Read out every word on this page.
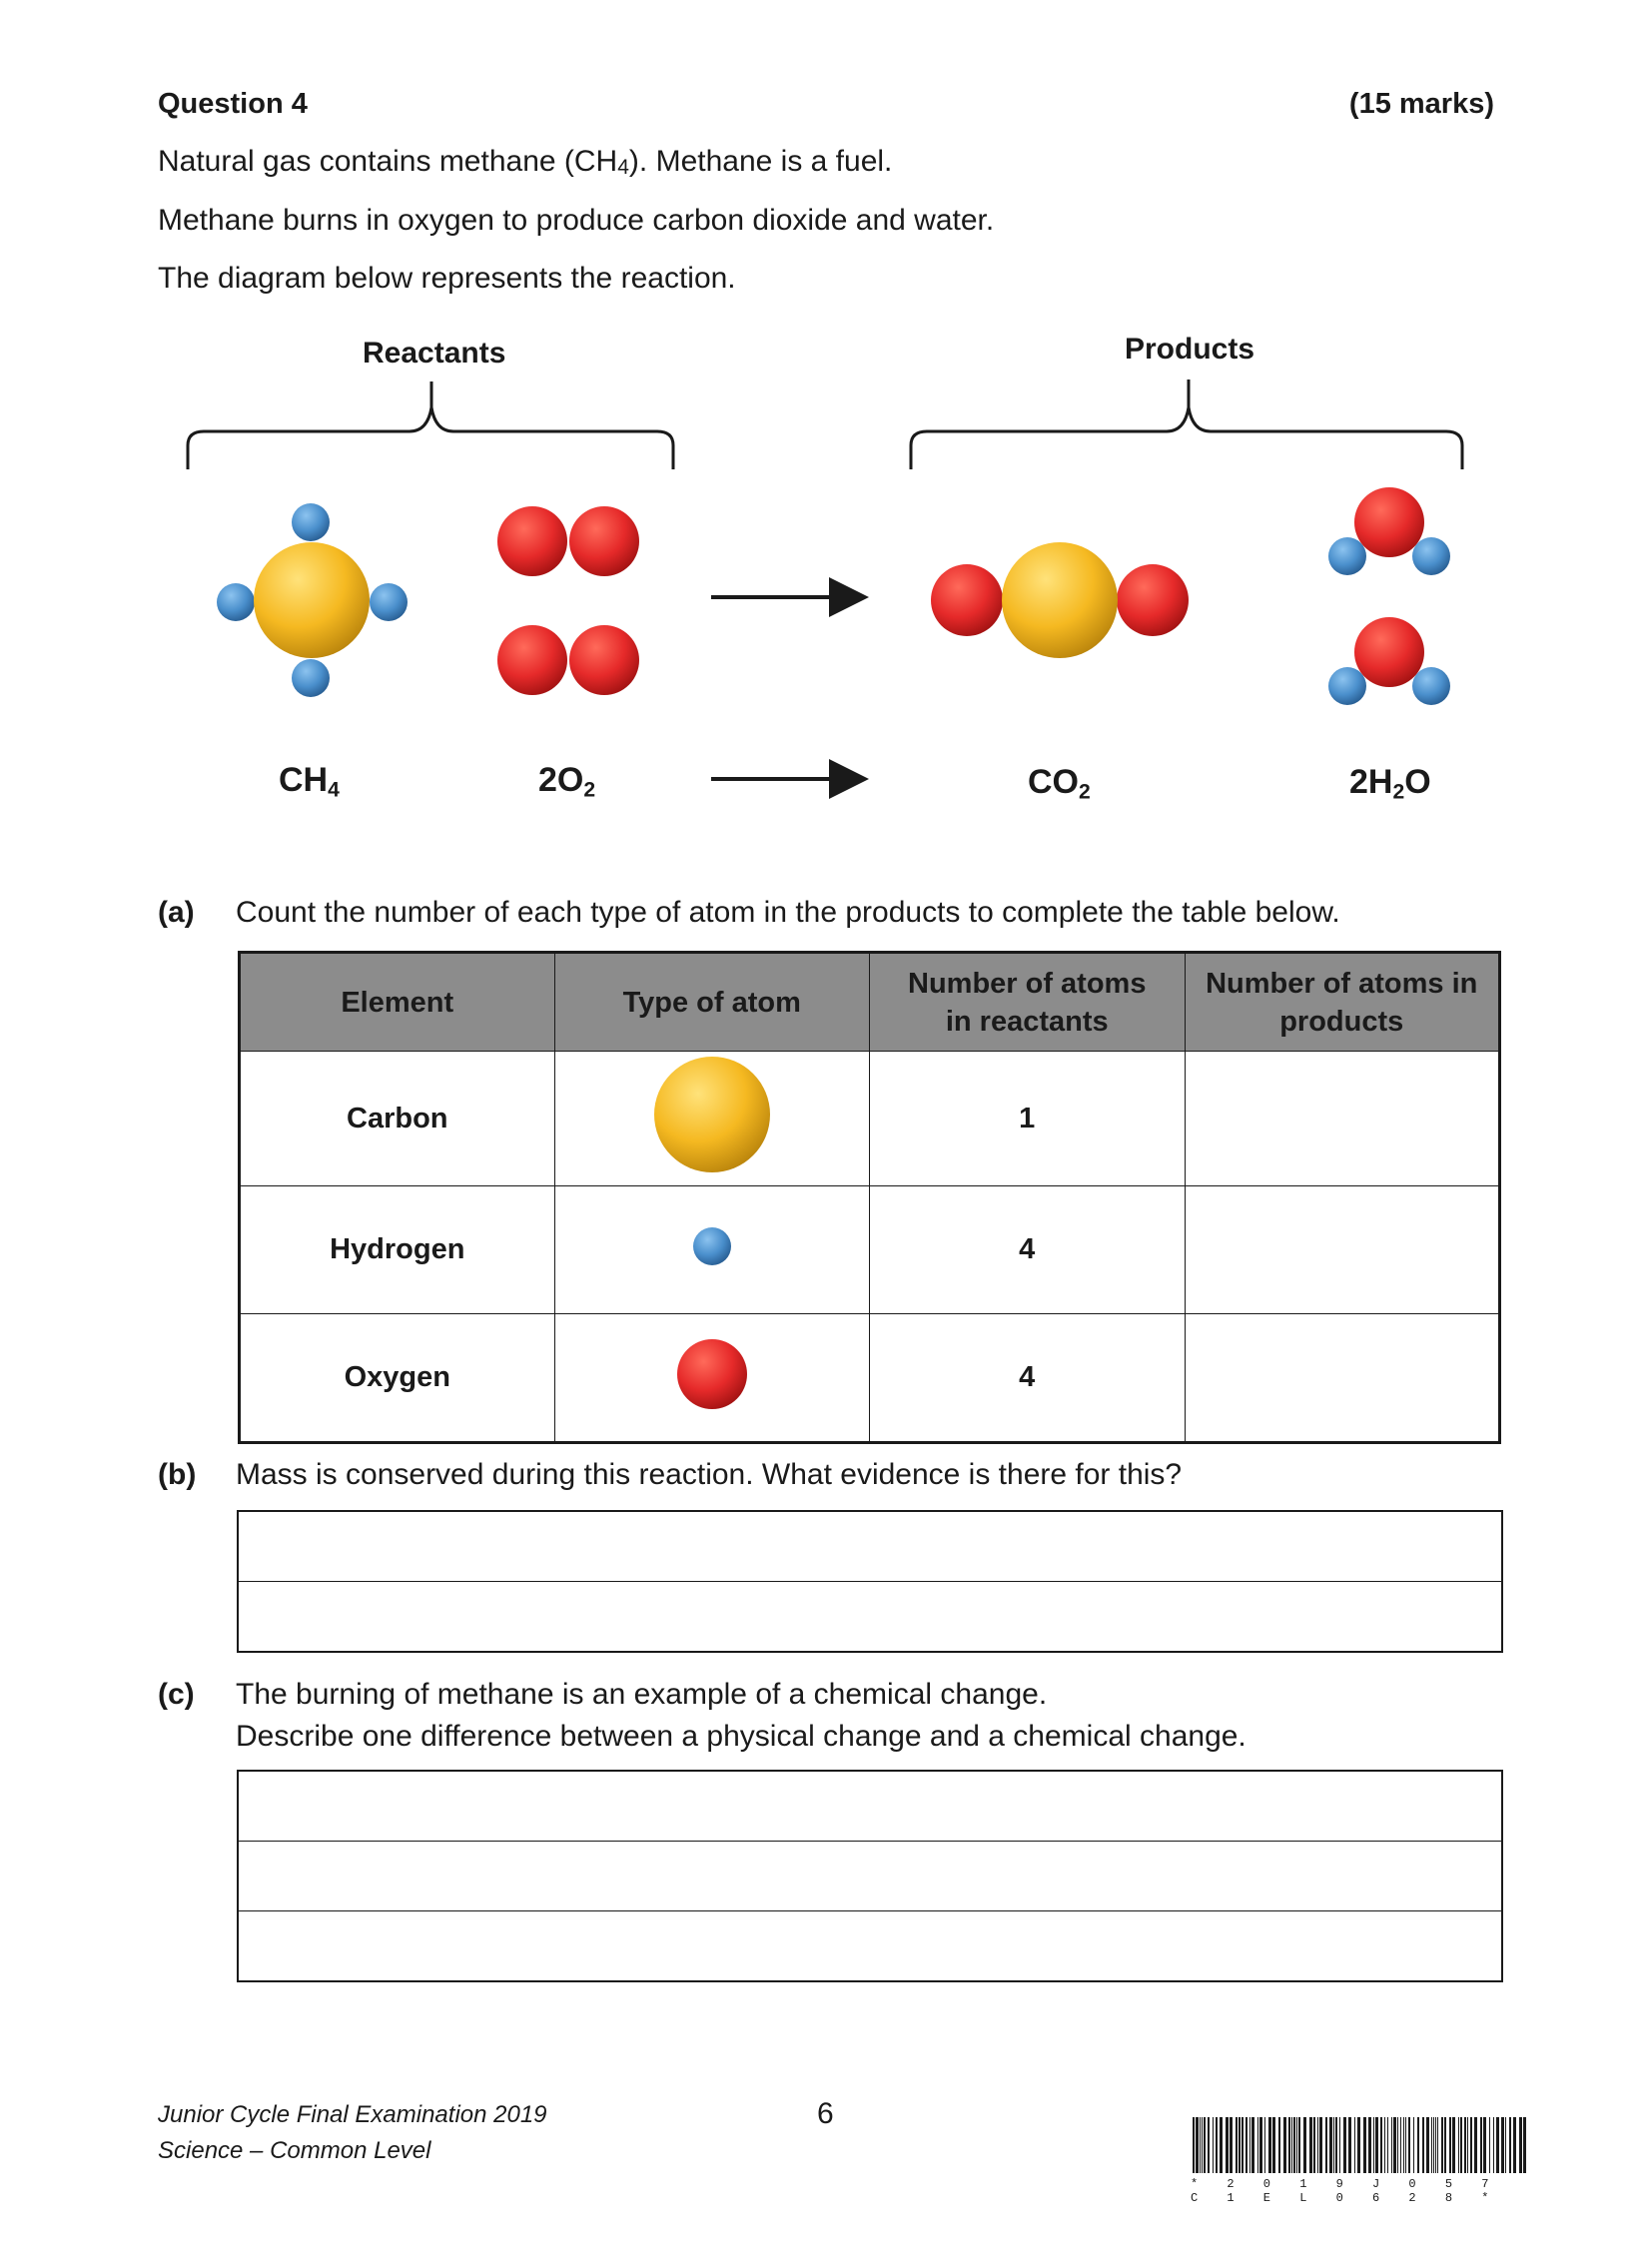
Question 4	(15 marks)
Natural gas contains methane (CH4). Methane is a fuel.
Methane burns in oxygen to produce carbon dioxide and water.
The diagram below represents the reaction.
Reactants	Products
$CH_4$	$2O_2$	$CO_2$	$2H_2O$
(a) Count the number of each type of atom in the products to complete the table below.
Element	Type of atom	Number of atoms in reactants	Number of atoms in products
Carbon		1	
Hydrogen		4	
Oxygen		4	
(b) Mass is conserved during this reaction. What evidence is there for this?
(c) The burning of methane is an example of a chemical change.
Describe one difference between a physical change and a chemical change.
Junior Cycle Final Examination 2019
Science – Common Level
6
* 2 0 1 9 J 0 5 7 C 1 E L 0 6 2 8 *
